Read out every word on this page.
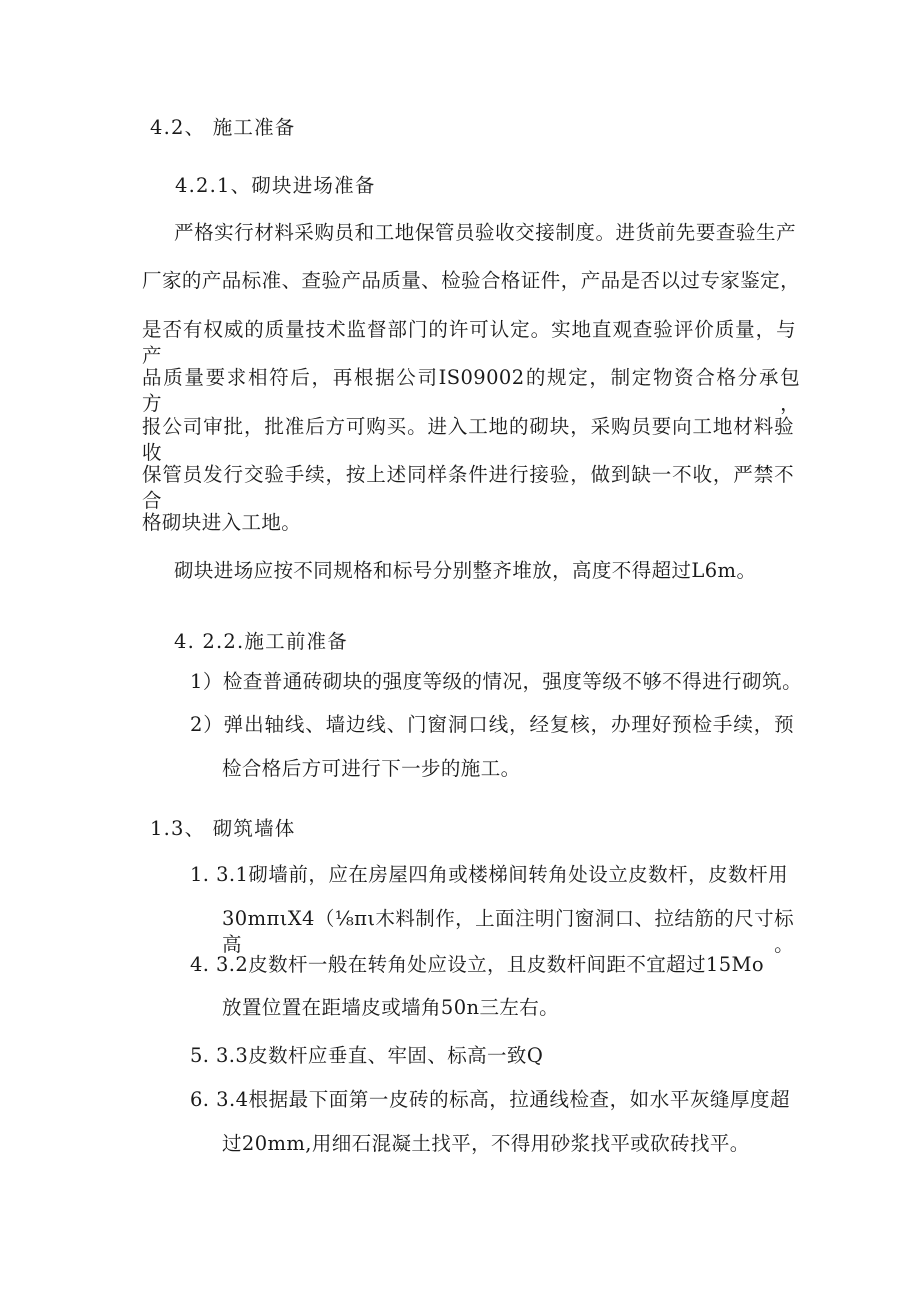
4.2、 施工准备
4.2.1、砌块进场准备
严格实行材料采购员和工地保管员验收交接制度。进货前先要查验生产
厂家的产品标准、查验产品质量、检验合格证件，产品是否以过专家鉴定，
是否有权威的质量技术监督部门的许可认定。实地直观查验评价质量，与产
品质量要求相符后，再根据公司IS09002的规定，制定物资合格分承包方，
报公司审批，批准后方可购买。进入工地的砌块，采购员要向工地材料验收
保管员发行交验手续，按上述同样条件进行接验，做到缺一不收，严禁不合
格砌块进入工地。
砌块进场应按不同规格和标号分别整齐堆放，高度不得超过L6m。
4. 2.2.施工前准备
1）检查普通砖砌块的强度等级的情况，强度等级不够不得进行砌筑。
2）弹出轴线、墙边线、门窗洞口线，经复核，办理好预检手续，预
检合格后方可进行下一步的施工。
1.3、 砌筑墙体
1. 3.1砌墙前，应在房屋四角或楼梯间转角处设立皮数杆，皮数杆用
30mπιX4（⅛πι木料制作，上面注明门窗洞口、拉结筋的尺寸标高。
4. 3.2皮数杆一般在转角处应设立，且皮数杆间距不宜超过15Mo
放置位置在距墙皮或墙角50n三左右。
5. 3.3皮数杆应垂直、牢固、标高一致Q
6. 3.4根据最下面第一皮砖的标高，拉通线检查，如水平灰缝厚度超
过20mm,用细石混凝土找平，不得用砂浆找平或砍砖找平。
